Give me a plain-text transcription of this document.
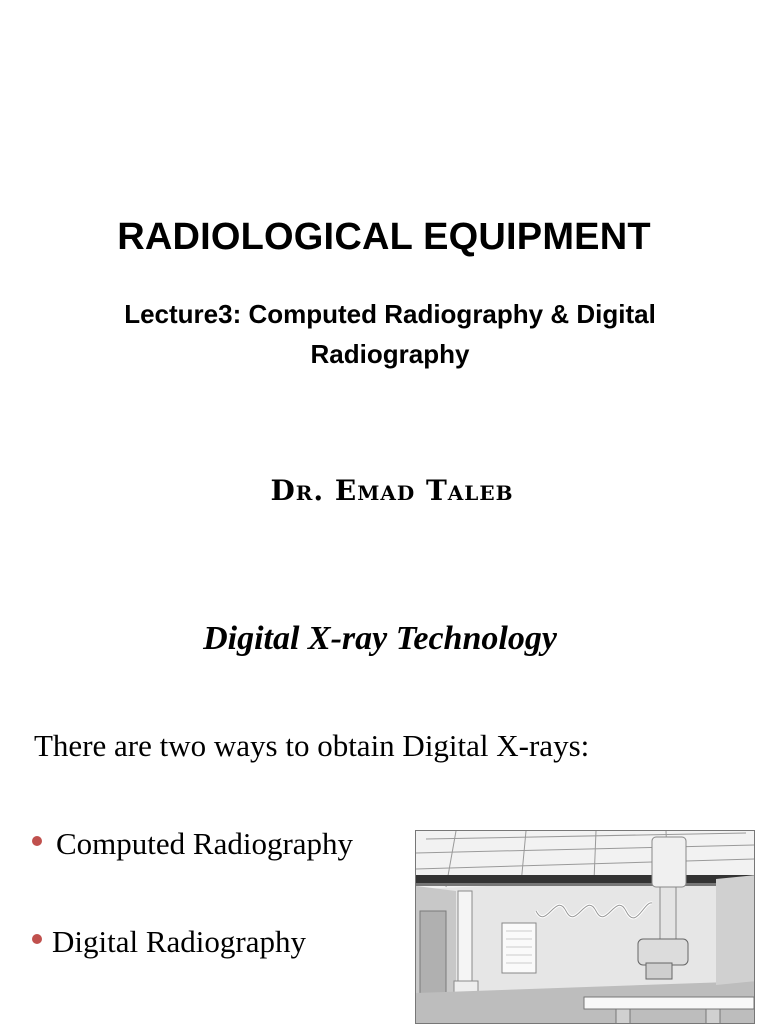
RADIOLOGICAL EQUIPMENT
Lecture3: Computed Radiography & Digital Radiography
Dr. Emad Taleb
Digital X-ray Technology

There are two ways to obtain Digital X-rays:

Computed Radiography
Digital Radiography
